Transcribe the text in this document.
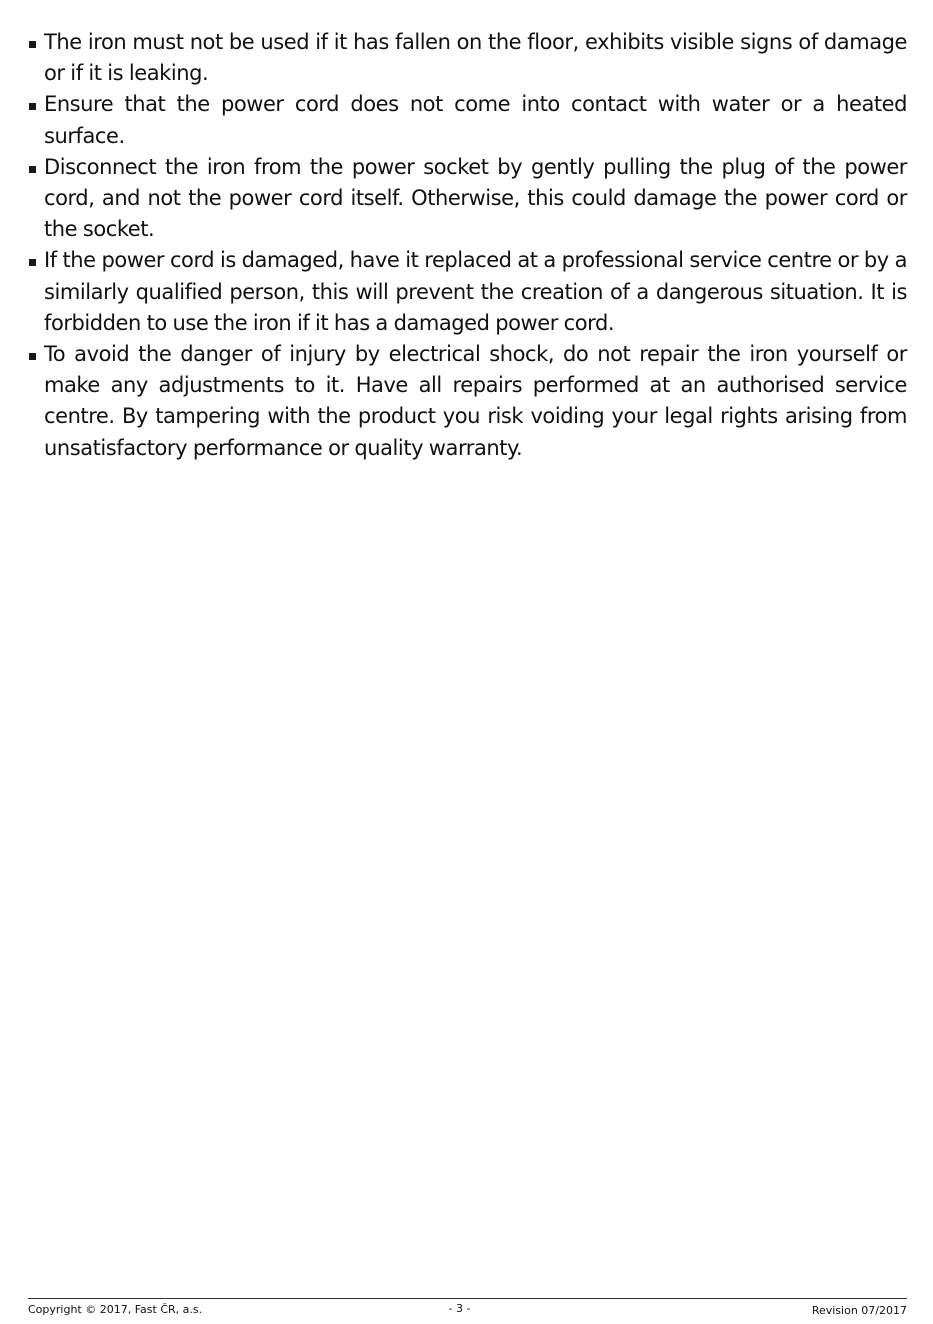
The iron must not be used if it has fallen on the floor, exhibits visible signs of damage or if it is leaking.
Ensure that the power cord does not come into contact with water or a heated surface.
Disconnect the iron from the power socket by gently pulling the plug of the power cord, and not the power cord itself. Otherwise, this could damage the power cord or the socket.
If the power cord is damaged, have it replaced at a professional service centre or by a similarly qualified person, this will prevent the creation of a dangerous situation. It is forbidden to use the iron if it has a damaged power cord.
To avoid the danger of injury by electrical shock, do not repair the iron yourself or make any adjustments to it. Have all repairs performed at an authorised service centre. By tampering with the product you risk voiding your legal rights arising from unsatisfactory performance or quality warranty.
Copyright © 2017, Fast ČR, a.s.	- 3 -	Revision 07/2017
